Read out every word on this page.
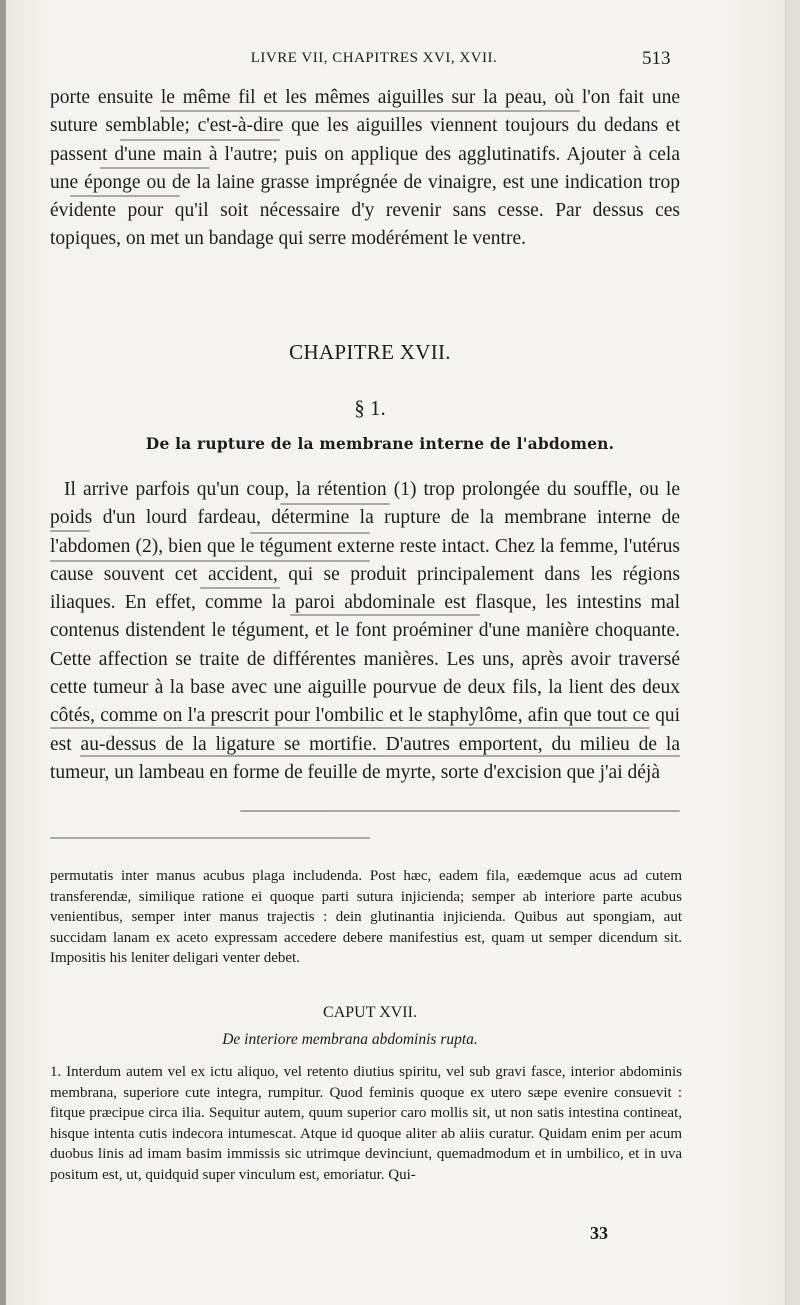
LIVRE VII, CHAPITRES XVI, XVII.	513

porte ensuite le même fil et les mêmes aiguilles sur la peau, où l'on fait une suture semblable; c'est-à-dire que les aiguilles viennent toujours du dedans et passent d'une main à l'autre; puis on applique des agglutinatifs. Ajouter à cela une éponge ou de la laine grasse imprégnée de vinaigre, est une indication trop évidente pour qu'il soit nécessaire d'y revenir sans cesse. Par dessus ces topiques, on met un bandage qui serre modérément le ventre.

CHAPITRE XVII.
§ 1.
De la rupture de la membrane interne de l'abdomen.

Il arrive parfois qu'un coup, la rétention (1) trop prolongée du souffle, ou le poids d'un lourd fardeau, détermine la rupture de la membrane interne de l'abdomen (2), bien que le tégument externe reste intact. Chez la femme, l'utérus cause souvent cet accident, qui se produit principalement dans les régions iliaques. En effet, comme la paroi abdominale est flasque, les intestins mal contenus distendent le tégument, et le font proéminer d'une manière choquante. Cette affection se traite de différentes manières. Les uns, après avoir traversé cette tumeur à la base avec une aiguille pourvue de deux fils, la lient des deux côtés, comme on l'a prescrit pour l'ombilic et le staphylôme, afin que tout ce qui est au-dessus de la ligature se mortifie. D'autres emportent, du milieu de la tumeur, un lambeau en forme de feuille de myrte, sorte d'excision que j'ai déjà

permutatis inter manus acubus plaga includenda. Post hæc, eadem fila, eædemque acus ad cutem transferendæ, similique ratione ei quoque parti sutura injicienda; semper ab interiore parte acubus venientibus, semper inter manus trajectis : dein glutinantia injicienda. Quibus aut spongiam, aut succidam lanam ex aceto expressam accedere debere manifestius est, quam ut semper dicendum sit. Impositis his leniter deligari venter debet.

CAPUT XVII.
De interiore membrana abdominis rupta.

1. Interdum autem vel ex ictu aliquo, vel retento diutius spiritu, vel sub gravi fasce, interior abdominis membrana, superiore cute integra, rumpitur. Quod feminis quoque ex utero sæpe evenire consuevit : fitque præcipue circa ilia. Sequitur autem, quum superior caro mollis sit, ut non satis intestina contineat, hisque intenta cutis indecora intumescat. Atque id quoque aliter ab aliis curatur. Quidam enim per acum duobus linis ad imam basim immissis sic utrimque devinciunt, quemadmodum et in umbilico, et in uva positum est, ut, quidquid super vinculum est, emoriatur. Qui-

33
